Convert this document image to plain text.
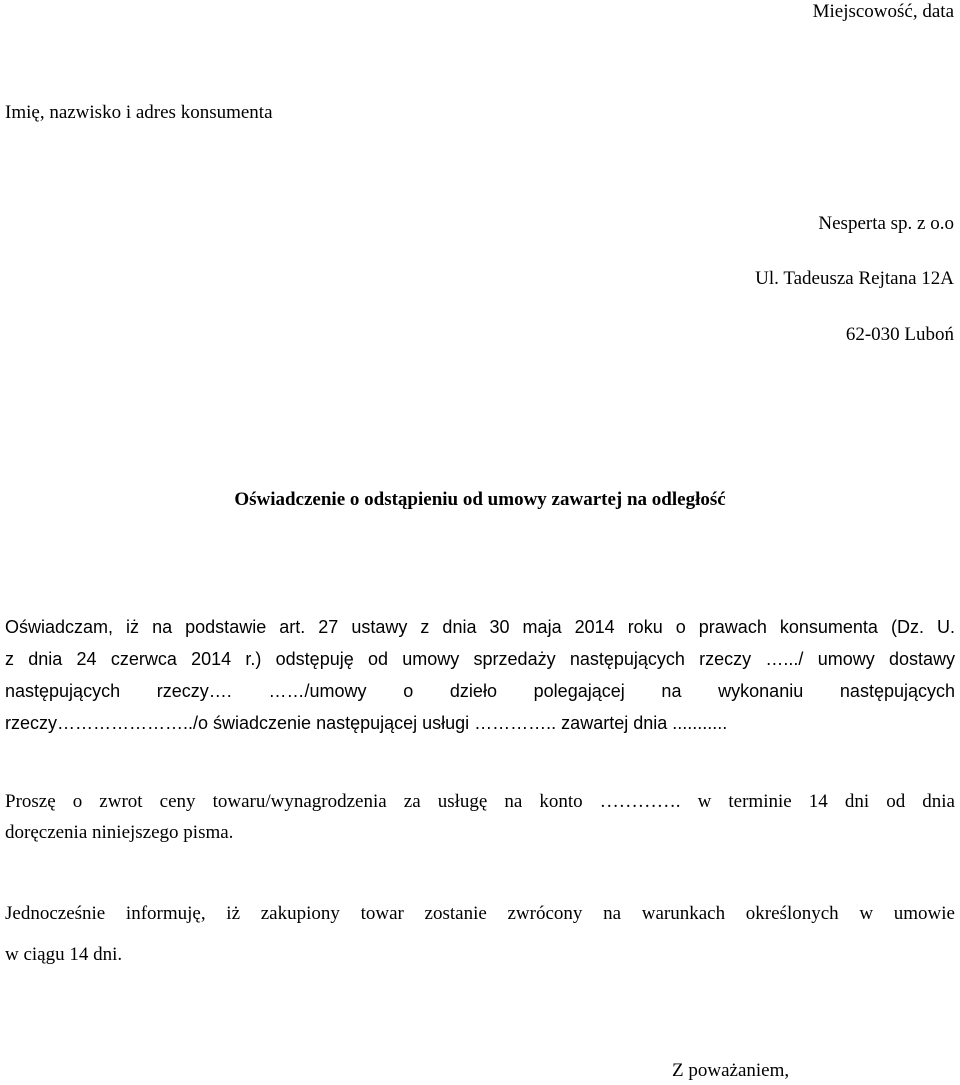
Miejscowość, data
Imię, nazwisko i adres konsumenta
Nesperta sp. z o.o
Ul. Tadeusza Rejtana 12A
62-030 Luboń
Oświadczenie o odstąpieniu od umowy zawartej na odległość
Oświadczam, iż na podstawie art. 27 ustawy z dnia 30 maja 2014 roku o prawach konsumenta (Dz. U.
z dnia 24 czerwca 2014 r.) odstępuję od umowy sprzedaży następujących rzeczy ….../ umowy dostawy
następujących rzeczy…. ……/umowy o dzieło polegającej na wykonaniu następujących
rzeczy…………………../o świadczenie następującej usługi ………….. zawartej dnia ...........
Proszę o zwrot ceny towaru/wynagrodzenia za usługę na konto …………. w terminie 14 dni od dnia
doręczenia niniejszego pisma.
Jednocześnie informuję, iż zakupiony towar zostanie zwrócony na warunkach określonych w umowie
w ciągu 14 dni.
Z poważaniem,
